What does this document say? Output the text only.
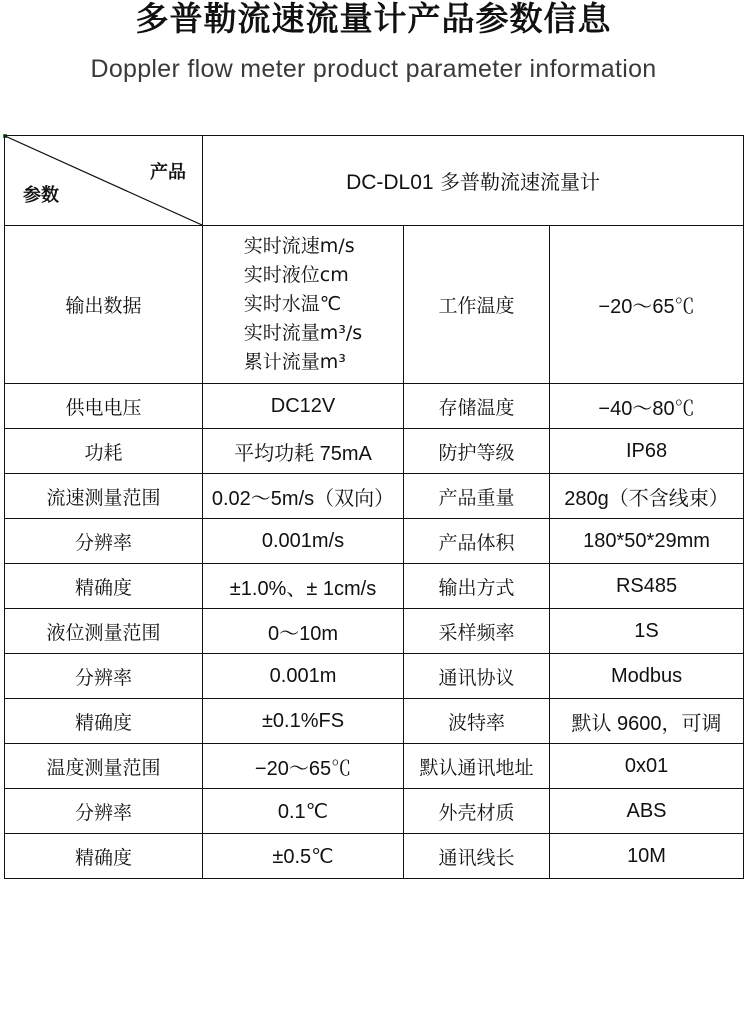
多普勒流速流量计产品参数信息
Doppler flow meter product parameter information
产品
参数	DC-DL01 多普勒流速流量计		
输出数据	实时流速m/s
实时液位cm
实时水温℃
实时流量m³/s
累计流量m³	工作温度	−20～65℃
供电电压	DC12V	存储温度	−40～80℃
功耗	平均功耗 75mA	防护等级	IP68
流速测量范围	0.02～5m/s（双向）	产品重量	280g（不含线束）
分辨率	0.001m/s	产品体积	180*50*29mm
精确度	±1.0%、± 1cm/s	输出方式	RS485
液位测量范围	0～10m	采样频率	1S
分辨率	0.001m	通讯协议	Modbus
精确度	±0.1%FS	波特率	默认 9600，可调
温度测量范围	−20～65℃	默认通讯地址	0x01
分辨率	0.1℃	外壳材质	ABS
精确度	±0.5℃	通讯线长	10M
